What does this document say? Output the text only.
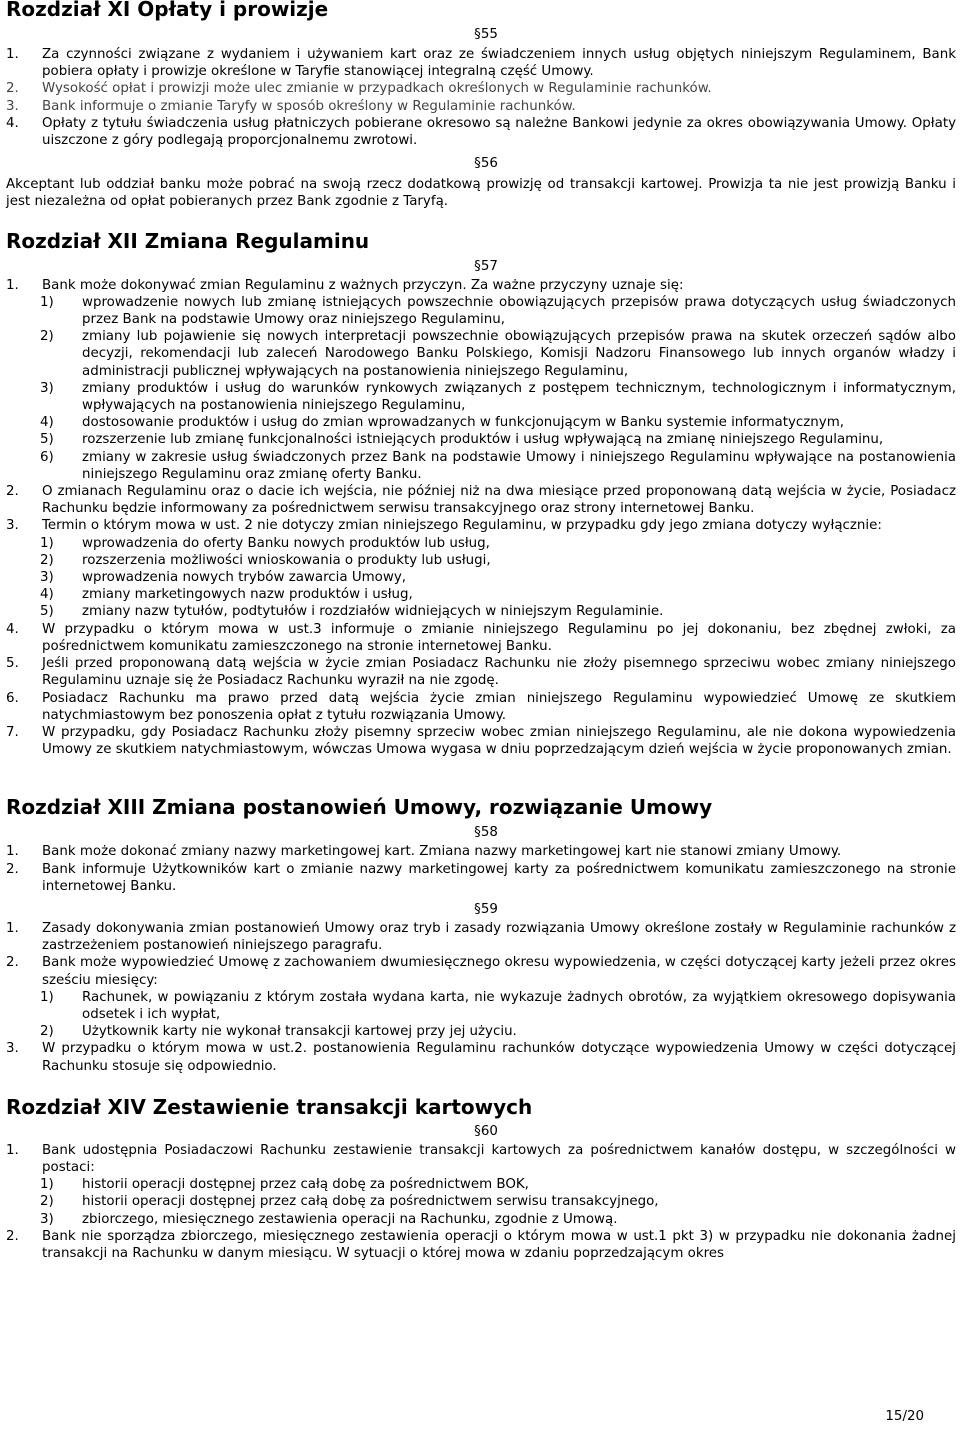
Rozdział XI Opłaty i prowizje

§55

1. Za czynności związane z wydaniem i używaniem kart oraz ze świadczeniem innych usług objętych niniejszym Regulaminem, Bank pobiera opłaty i prowizje określone w Taryfie stanowiącej integralną część Umowy.

2. Wysokość opłat i prowizji może ulec zmianie w przypadkach określonych w Regulaminie rachunków.

3. Bank informuje o zmianie Taryfy w sposób określony w Regulaminie rachunków.

4. Opłaty z tytułu świadczenia usług płatniczych pobierane okresowo są należne Bankowi jedynie za okres obowiązywania Umowy. Opłaty uiszczone z góry podlegają proporcjonalnemu zwrotowi.

§56

Akceptant lub oddział banku może pobrać na swoją rzecz dodatkową prowizję od transakcji kartowej. Prowizja ta nie jest prowizją Banku i jest niezależna od opłat pobieranych przez Bank zgodnie z Taryfą.

Rozdział XII Zmiana Regulaminu

§57

1. Bank może dokonywać zmian Regulaminu z ważnych przyczyn. Za ważne przyczyny uznaje się:

1) wprowadzenie nowych lub zmianę istniejących powszechnie obowiązujących przepisów prawa dotyczących usług świadczonych przez Bank na podstawie Umowy oraz niniejszego Regulaminu,

2) zmiany lub pojawienie się nowych interpretacji powszechnie obowiązujących przepisów prawa na skutek orzeczeń sądów albo decyzji, rekomendacji lub zaleceń Narodowego Banku Polskiego, Komisji Nadzoru Finansowego lub innych organów władzy i administracji publicznej wpływających na postanowienia niniejszego Regulaminu,

3) zmiany produktów i usług do warunków rynkowych związanych z postępem technicznym, technologicznym i informatycznym, wpływających na postanowienia niniejszego Regulaminu,

4) dostosowanie produktów i usług do zmian wprowadzanych w funkcjonującym w Banku systemie informatycznym,

5) rozszerzenie lub zmianę funkcjonalności istniejących produktów i usług wpływającą na zmianę niniejszego Regulaminu,

6) zmiany w zakresie usług świadczonych przez Bank na podstawie Umowy i niniejszego Regulaminu wpływające na postanowienia niniejszego Regulaminu oraz zmianę oferty Banku.

2. O zmianach Regulaminu oraz o dacie ich wejścia, nie później niż na dwa miesiące przed proponowaną datą wejścia w życie, Posiadacz Rachunku będzie informowany za pośrednictwem serwisu transakcyjnego oraz strony internetowej Banku.

3. Termin o którym mowa w ust. 2 nie dotyczy zmian niniejszego Regulaminu, w przypadku gdy jego zmiana dotyczy wyłącznie:

1) wprowadzenia do oferty Banku nowych produktów lub usług,

2) rozszerzenia możliwości wnioskowania o produkty lub usługi,

3) wprowadzenia nowych trybów zawarcia Umowy,

4) zmiany marketingowych nazw produktów i usług,

5) zmiany nazw tytułów, podtytułów i rozdziałów widniejących w niniejszym Regulaminie.

4. W przypadku o którym mowa w ust.3 informuje o zmianie niniejszego Regulaminu po jej dokonaniu, bez zbędnej zwłoki, za pośrednictwem komunikatu zamieszczonego na stronie internetowej Banku.

5. Jeśli przed proponowaną datą wejścia w życie zmian Posiadacz Rachunku nie złoży pisemnego sprzeciwu wobec zmiany niniejszego Regulaminu uznaje się że Posiadacz Rachunku wyraził na nie zgodę.

6. Posiadacz Rachunku ma prawo przed datą wejścia życie zmian niniejszego Regulaminu wypowiedzieć Umowę ze skutkiem natychmiastowym bez ponoszenia opłat z tytułu rozwiązania Umowy.

7. W przypadku, gdy Posiadacz Rachunku złoży pisemny sprzeciw wobec zmian niniejszego Regulaminu, ale nie dokona wypowiedzenia Umowy ze skutkiem natychmiastowym, wówczas Umowa wygasa w dniu poprzedzającym dzień wejścia w życie proponowanych zmian.

Rozdział XIII Zmiana postanowień Umowy, rozwiązanie Umowy

§58

1. Bank może dokonać zmiany nazwy marketingowej kart. Zmiana nazwy marketingowej kart nie stanowi zmiany Umowy.

2. Bank informuje Użytkowników kart o zmianie nazwy marketingowej karty za pośrednictwem komunikatu zamieszczonego na stronie internetowej Banku.

§59

1. Zasady dokonywania zmian postanowień Umowy oraz tryb i zasady rozwiązania Umowy określone zostały w Regulaminie rachunków z zastrzeżeniem postanowień niniejszego paragrafu.

2. Bank może wypowiedzieć Umowę z zachowaniem dwumiesięcznego okresu wypowiedzenia, w części dotyczącej karty jeżeli przez okres sześciu miesięcy:

1) Rachunek, w powiązaniu z którym została wydana karta, nie wykazuje żadnych obrotów, za wyjątkiem okresowego dopisywania odsetek i ich wypłat,

2) Użytkownik karty nie wykonał transakcji kartowej przy jej użyciu.

3. W przypadku o którym mowa w ust.2. postanowienia Regulaminu rachunków dotyczące wypowiedzenia Umowy w części dotyczącej Rachunku stosuje się odpowiednio.

Rozdział XIV Zestawienie transakcji kartowych

§60

1. Bank udostępnia Posiadaczowi Rachunku zestawienie transakcji kartowych za pośrednictwem kanałów dostępu, w szczególności w postaci:

1) historii operacji dostępnej przez całą dobę za pośrednictwem BOK,

2) historii operacji dostępnej przez całą dobę za pośrednictwem serwisu transakcyjnego,

3) zbiorczego, miesięcznego zestawienia operacji na Rachunku, zgodnie z Umową.

2. Bank nie sporządza zbiorczego, miesięcznego zestawienia operacji o którym mowa w ust.1 pkt 3) w przypadku nie dokonania żadnej transakcji na Rachunku w danym miesiącu. W sytuacji o której mowa w zdaniu poprzedzającym okres

15/20
